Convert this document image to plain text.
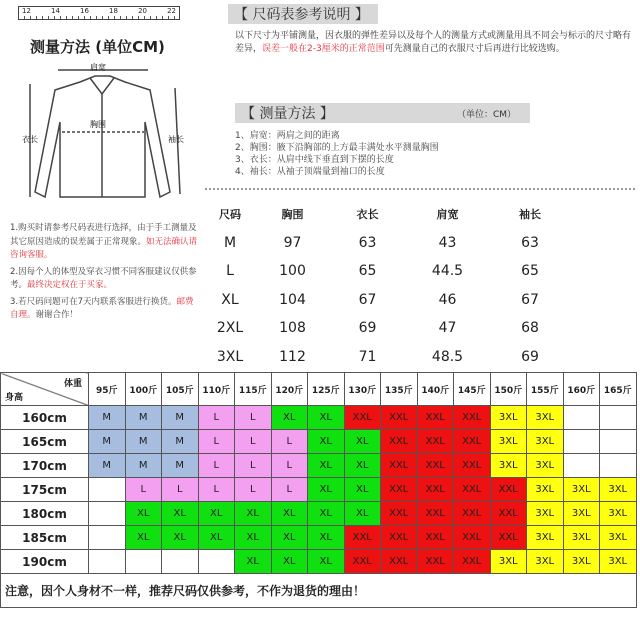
12	14	16	18	20	22
测量方法 (单位CM)
肩宽
胸围
衣长	袖长

1.购买时请参考尺码表进行选择，由于手工测量及其它原因造成的误差属于正常现象。如无法确认请咨询客服。

2.因每个人的体型及穿衣习惯不同客服建议仅供参考。最终决定权在于买家。

3.若尺码问题可在7天内联系客服进行换货。邮费自理。谢谢合作！

【 尺码表参考说明 】
以下尺寸为平铺测量，因衣服的弹性差异以及每个人的测量方式或测量用具不同会与标示的尺寸略有差异，误差一般在2-3厘米的正常范围可先测量自己的衣服尺寸后再进行比较选购。
【 测量方法 】	（单位：CM）
1、肩宽：两肩之间的距离
2、胸围：腋下沿胸部的上方最丰满处水平测量胸围
3、衣长：从肩中线下垂直到下摆的长度
4、袖长：从袖子顶端量到袖口的长度
尺码	胸围	衣长	肩宽	袖长
M	97	63	43	63
L	100	65	44.5	65
XL	104	67	46	67
2XL	108	69	47	68
3XL	112	71	48.5	69
体重
身高	95斤	100斤	105斤	110斤	115斤	120斤	125斤	130斤	135斤	140斤	145斤	150斤	155斤	160斤	165斤
160cm	M	M	M	L	L	XL	XL	XXL	XXL	XXL	XXL	3XL	3XL		
165cm	M	M	M	L	L	L	XL	XL	XXL	XXL	XXL	3XL	3XL		
170cm	M	M	M	L	L	L	XL	XL	XXL	XXL	XXL	3XL	3XL		
175cm		L	L	L	L	L	XL	XL	XXL	XXL	XXL	XXL	3XL	3XL	3XL
180cm		XL	XL	XL	XL	XL	XL	XL	XXL	XXL	XXL	XXL	3XL	3XL	3XL
185cm		XL	XL	XL	XL	XL	XL	XXL	XXL	XXL	XXL	XXL	3XL	3XL	3XL
190cm					XL	XL	XL	XXL	XXL	XXL	XXL	3XL	3XL	3XL	3XL
注意，因个人身材不一样，推荐尺码仅供参考，不作为退货的理由！															
